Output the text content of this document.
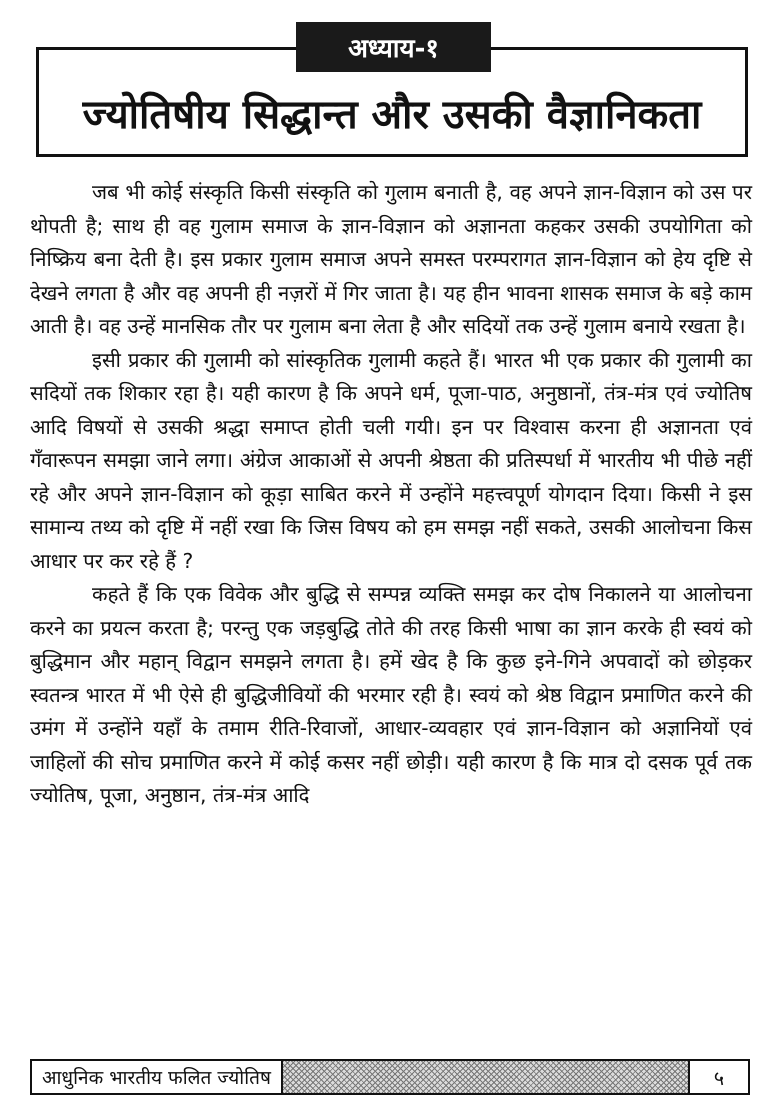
अध्याय-१
ज्योतिषीय सिद्धान्त और उसकी वैज्ञानिकता

जब भी कोई संस्कृति किसी संस्कृति को गुलाम बनाती है, वह अपने ज्ञान-विज्ञान को उस पर थोपती है; साथ ही वह गुलाम समाज के ज्ञान-विज्ञान को अज्ञानता कहकर उसकी उपयोगिता को निष्क्रिय बना देती है। इस प्रकार गुलाम समाज अपने समस्त परम्परागत ज्ञान-विज्ञान को हेय दृष्टि से देखने लगता है और वह अपनी ही नज़रों में गिर जाता है। यह हीन भावना शासक समाज के बड़े काम आती है। वह उन्हें मानसिक तौर पर गुलाम बना लेता है और सदियों तक उन्हें गुलाम बनाये रखता है।

इसी प्रकार की गुलामी को सांस्कृतिक गुलामी कहते हैं। भारत भी एक प्रकार की गुलामी का सदियों तक शिकार रहा है। यही कारण है कि अपने धर्म, पूजा-पाठ, अनुष्ठानों, तंत्र-मंत्र एवं ज्योतिष आदि विषयों से उसकी श्रद्धा समाप्त होती चली गयी। इन पर विश्वास करना ही अज्ञानता एवं गँवारूपन समझा जाने लगा। अंग्रेज आकाओं से अपनी श्रेष्ठता की प्रतिस्पर्धा में भारतीय भी पीछे नहीं रहे और अपने ज्ञान-विज्ञान को कूड़ा साबित करने में उन्होंने महत्त्वपूर्ण योगदान दिया। किसी ने इस सामान्य तथ्य को दृष्टि में नहीं रखा कि जिस विषय को हम समझ नहीं सकते, उसकी आलोचना किस आधार पर कर रहे हैं ?

कहते हैं कि एक विवेक और बुद्धि से सम्पन्न व्यक्ति समझ कर दोष निकालने या आलोचना करने का प्रयत्न करता है; परन्तु एक जड़बुद्धि तोते की तरह किसी भाषा का ज्ञान करके ही स्वयं को बुद्धिमान और महान् विद्वान समझने लगता है। हमें खेद है कि कुछ इने-गिने अपवादों को छोड़कर स्वतन्त्र भारत में भी ऐसे ही बुद्धिजीवियों की भरमार रही है। स्वयं को श्रेष्ठ विद्वान प्रमाणित करने की उमंग में उन्होंने यहाँ के तमाम रीति-रिवाजों, आधार-व्यवहार एवं ज्ञान-विज्ञान को अज्ञानियों एवं जाहिलों की सोच प्रमाणित करने में कोई कसर नहीं छोड़ी। यही कारण है कि मात्र दो दसक पूर्व तक ज्योतिष, पूजा, अनुष्ठान, तंत्र-मंत्र आदि

आधुनिक भारतीय फलित ज्योतिष	५
